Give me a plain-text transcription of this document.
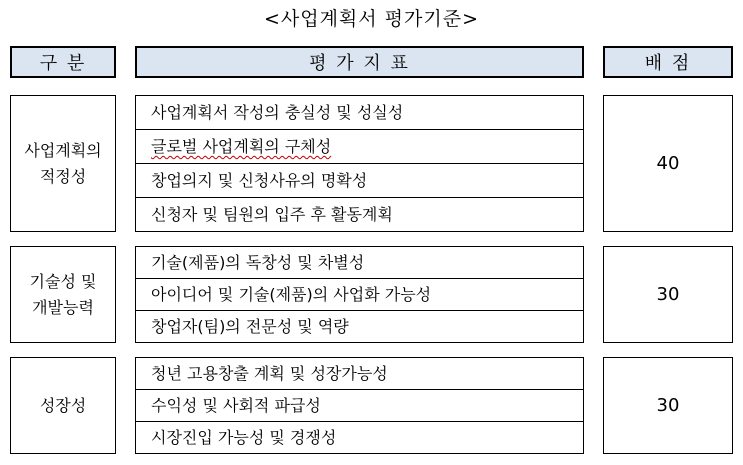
<사업계획서 평가기준>
구 분	평 가 지 표	배 점
사업계획의
적정성
사업계획서 작성의 충실성 및 성실성
글로벌 사업계획의 구체성
창업의지 및 신청사유의 명확성
신청자 및 팀원의 입주 후 활동계획
40
기술성 및
개발능력
기술(제품)의 독창성 및 차별성
아이디어 및 기술(제품)의 사업화 가능성
창업자(팀)의 전문성 및 역량
30
성장성
청년 고용창출 계획 및 성장가능성
수익성 및 사회적 파급성
시장진입 가능성 및 경쟁성
30
